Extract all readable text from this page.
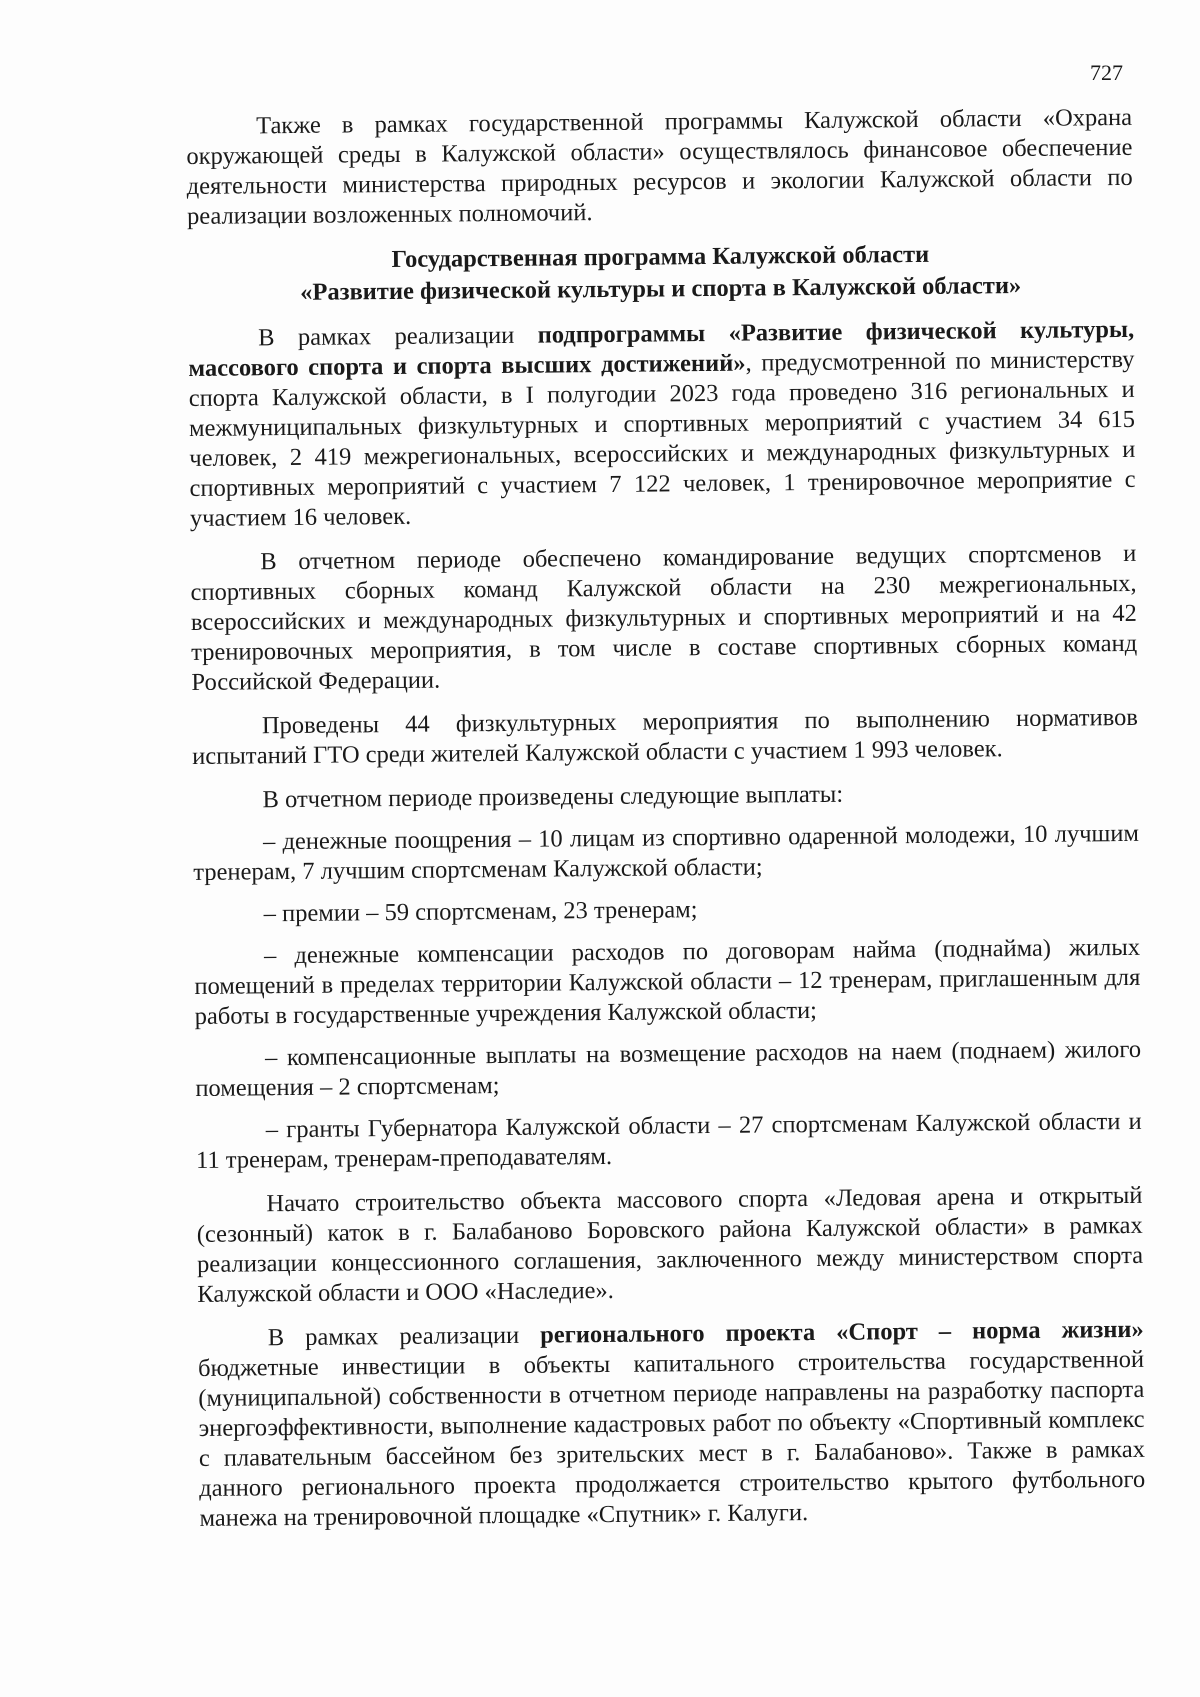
727

Также в рамках государственной программы Калужской области «Охрана окружающей среды в Калужской области» осуществлялось финансовое обеспечение деятельности министерства природных ресурсов и экологии Калужской области по реализации возложенных полномочий.

Государственная программа Калужской области
«Развитие физической культуры и спорта в Калужской области»

В рамках реализации подпрограммы «Развитие физической культуры, массового спорта и спорта высших достижений», предусмотренной по министерству спорта Калужской области, в I полугодии 2023 года проведено 316 региональных и межмуниципальных физкультурных и спортивных мероприятий с участием 34 615 человек, 2 419 межрегиональных, всероссийских и международных физкультурных и спортивных мероприятий с участием 7 122 человек, 1 тренировочное мероприятие с участием 16 человек.

В отчетном периоде обеспечено командирование ведущих спортсменов и спортивных сборных команд Калужской области на 230 межрегиональных, всероссийских и международных физкультурных и спортивных мероприятий и на 42 тренировочных мероприятия, в том числе в составе спортивных сборных команд Российской Федерации.

Проведены 44 физкультурных мероприятия по выполнению нормативов испытаний ГТО среди жителей Калужской области с участием 1 993 человек.

В отчетном периоде произведены следующие выплаты:

– денежные поощрения – 10 лицам из спортивно одаренной молодежи, 10 лучшим тренерам, 7 лучшим спортсменам Калужской области;

– премии – 59 спортсменам, 23 тренерам;

– денежные компенсации расходов по договорам найма (поднайма) жилых помещений в пределах территории Калужской области – 12 тренерам, приглашенным для работы в государственные учреждения Калужской области;

– компенсационные выплаты на возмещение расходов на наем (поднаем) жилого помещения – 2 спортсменам;

– гранты Губернатора Калужской области – 27 спортсменам Калужской области и 11 тренерам, тренерам-преподавателям.

Начато строительство объекта массового спорта «Ледовая арена и открытый (сезонный) каток в г. Балабаново Боровского района Калужской области» в рамках реализации концессионного соглашения, заключенного между министерством спорта Калужской области и ООО «Наследие».

В рамках реализации регионального проекта «Спорт – норма жизни» бюджетные инвестиции в объекты капитального строительства государственной (муниципальной) собственности в отчетном периоде направлены на разработку паспорта энергоэффективности, выполнение кадастровых работ по объекту «Спортивный комплекс с плавательным бассейном без зрительских мест в г. Балабаново». Также в рамках данного регионального проекта продолжается строительство крытого футбольного манежа на тренировочной площадке «Спутник» г. Калуги.
